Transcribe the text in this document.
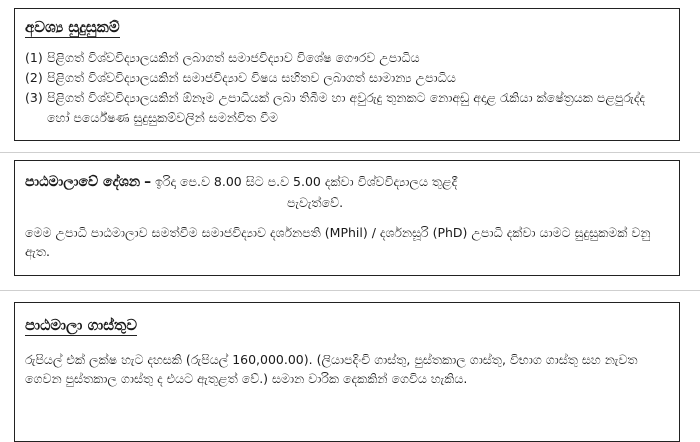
අවශ්‍ය සුදුසුකම්
(1) පිළිගත් විශ්වවිද්‍යාලයකින් ලබාගත් සමාජවිද්‍යාව විශේෂ ගෞරව උපාධිය
(2) පිළිගත් විශ්වවිද්‍යාලයකින් සමාජවිද්‍යාව විෂය සහිතව ලබාගත් සාමාන්‍ය උපාධිය
(3) පිළිගත් විශ්වවිද්‍යාලයකින් ඕනෑම උපාධියක් ලබා තිබීම හා අවුරුදු තුනකට නොඅඩු අදාළ රැකියා ක්ෂේත්‍රයක පළපුරුද්ද හෝ පර්යේෂණ සුදුසුකම්වලින් සමන්විත වීම

පාඨමාලාවේ දේශන – ඉරිදා පෙ.ව 8.00 සිට ප.ව 5.00 දක්වා විශ්වවිද්‍යාලය තුළදී

පැවැත්වේ.

මෙම උපාධි පාඨමාලාව සමත්වීම සමාජවිද්‍යාව දර්ශනපති (MPhil) / දර්ශනසූරි (PhD) උපාධි දක්වා යාමට සුදුසුකමක් වනු ඇත.

පාඨමාලා ගාස්තුව

රුපියල් එක් ලක්ෂ හැට දහසකි (රුපියල් 160,000.00). (ලියාපදිංචි ගාස්තු, පුස්තකාල ගාස්තු, විභාග ගාස්තු සහ නැවත ගෙවන පුස්තකාල ගාස්තු ද එයට ඇතුළත් වේ.) සමාන වාරික දෙකකින් ගෙවිය හැකිය.
